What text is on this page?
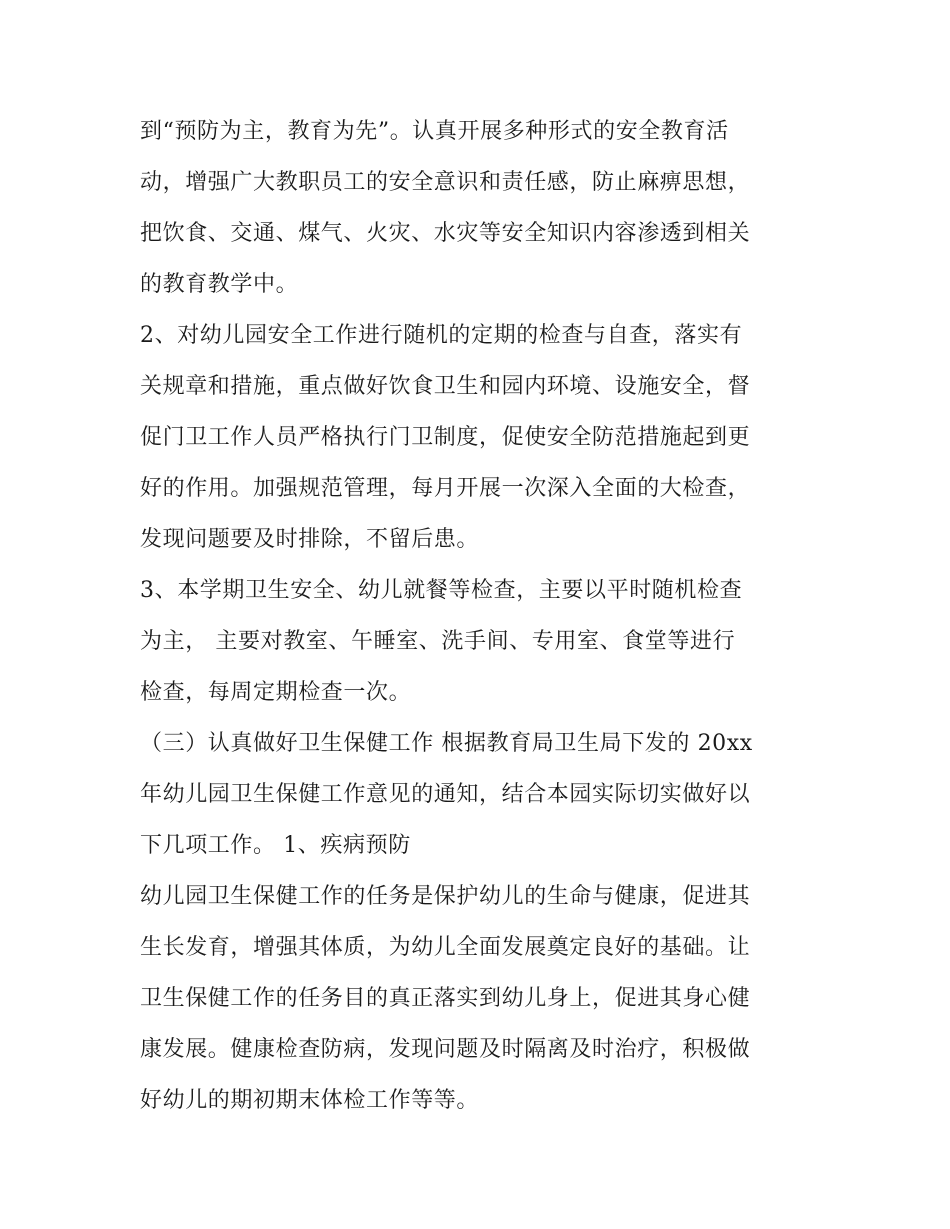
到“预防为主，教育为先”。认真开展多种形式的安全教育活
动，增强广大教职员工的安全意识和责任感，防止麻痹思想，
把饮食、交通、煤气、火灾、水灾等安全知识内容渗透到相关
的教育教学中。
2、对幼儿园安全工作进行随机的定期的检查与自查，落实有
关规章和措施，重点做好饮食卫生和园内环境、设施安全，督
促门卫工作人员严格执行门卫制度，促使安全防范措施起到更
好的作用。加强规范管理，每月开展一次深入全面的大检查，
发现问题要及时排除，不留后患。
3、本学期卫生安全、幼儿就餐等检查，主要以平时随机检查
为主， 主要对教室、午睡室、洗手间、专用室、食堂等进行
检查，每周定期检查一次。
（三）认真做好卫生保健工作 根据教育局卫生局下发的 20xx
年幼儿园卫生保健工作意见的通知，结合本园实际切实做好以
下几项工作。 1、疾病预防
幼儿园卫生保健工作的任务是保护幼儿的生命与健康，促进其
生长发育，增强其体质，为幼儿全面发展奠定良好的基础。让
卫生保健工作的任务目的真正落实到幼儿身上，促进其身心健
康发展。健康检查防病，发现问题及时隔离及时治疗，积极做
好幼儿的期初期末体检工作等等。
